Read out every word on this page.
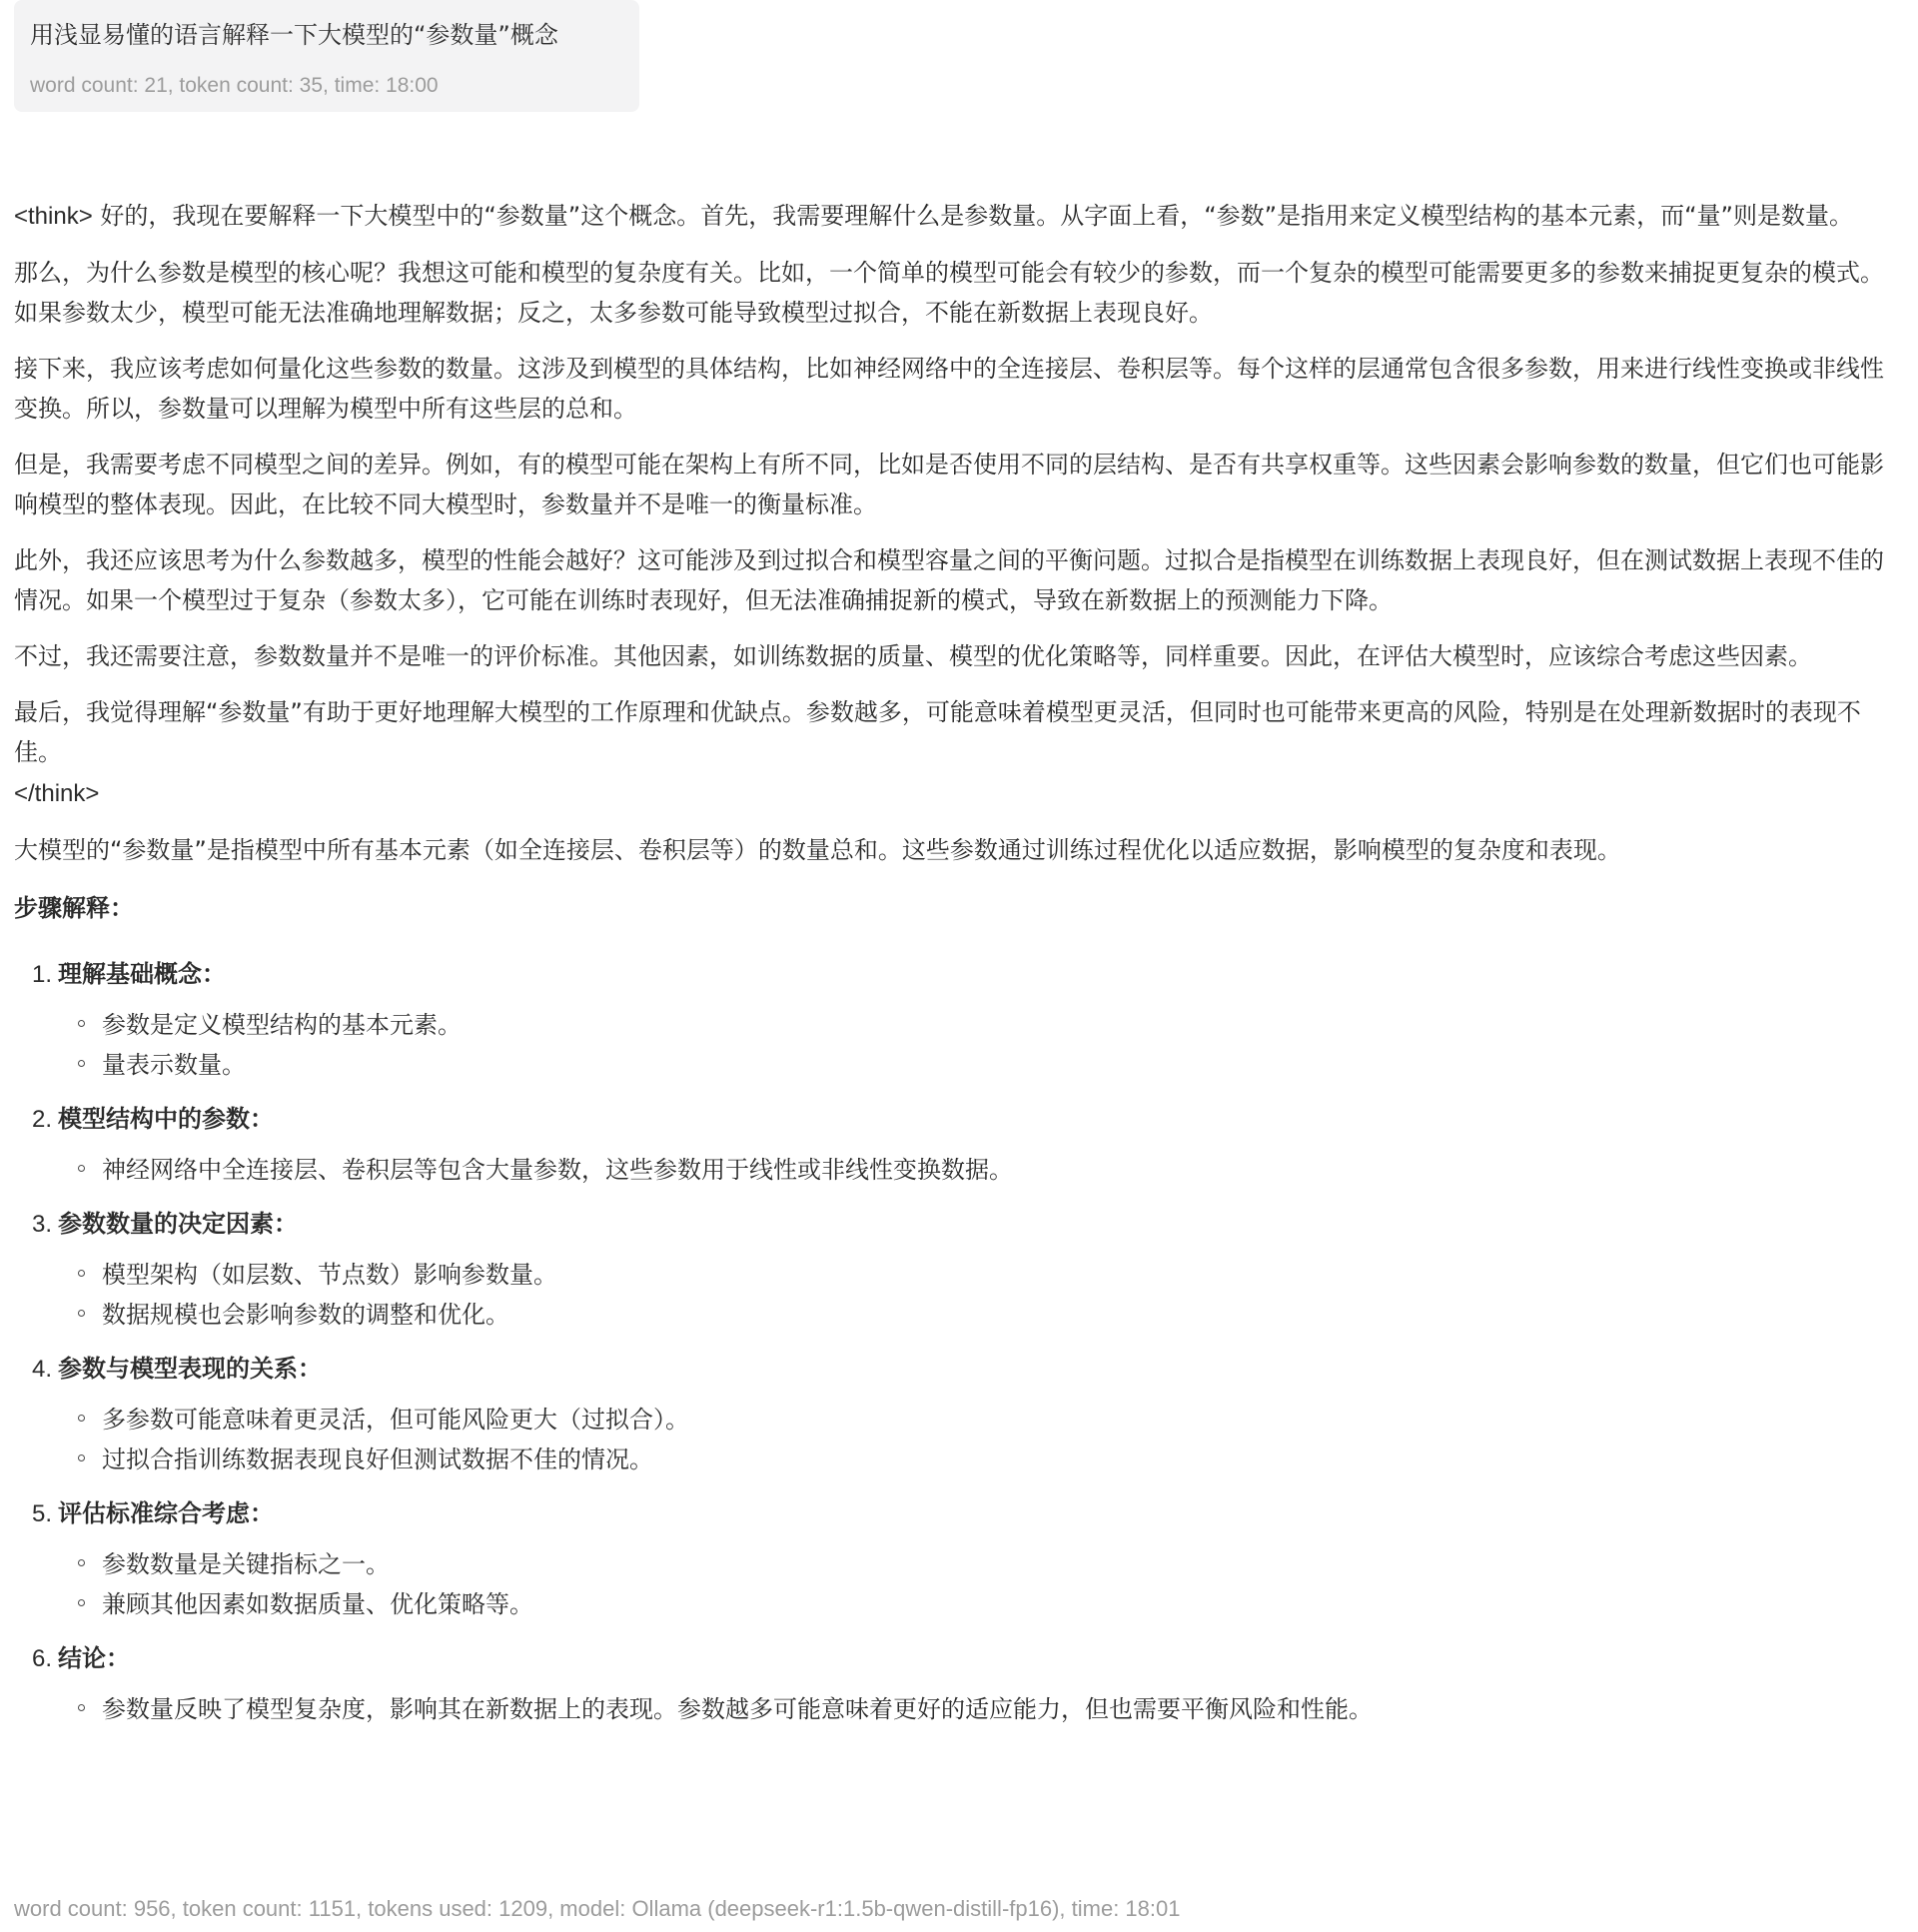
用浅显易懂的语言解释一下大模型的“参数量”概念

word count: 21, token count: 35, time: 18:00

<think> 好的，我现在要解释一下大模型中的“参数量”这个概念。首先，我需要理解什么是参数量。从字面上看，“参数”是指用来定义模型结构的基本元素，而“量”则是数量。

那么，为什么参数是模型的核心呢？我想这可能和模型的复杂度有关。比如，一个简单的模型可能会有较少的参数，而一个复杂的模型可能需要更多的参数来捕捉更复杂的模式。如果参数太少，模型可能无法准确地理解数据；反之，太多参数可能导致模型过拟合，不能在新数据上表现良好。

接下来，我应该考虑如何量化这些参数的数量。这涉及到模型的具体结构，比如神经网络中的全连接层、卷积层等。每个这样的层通常包含很多参数，用来进行线性变换或非线性变换。所以，参数量可以理解为模型中所有这些层的总和。

但是，我需要考虑不同模型之间的差异。例如，有的模型可能在架构上有所不同，比如是否使用不同的层结构、是否有共享权重等。这些因素会影响参数的数量，但它们也可能影响模型的整体表现。因此，在比较不同大模型时，参数量并不是唯一的衡量标准。

此外，我还应该思考为什么参数越多，模型的性能会越好？这可能涉及到过拟合和模型容量之间的平衡问题。过拟合是指模型在训练数据上表现良好，但在测试数据上表现不佳的情况。如果一个模型过于复杂（参数太多），它可能在训练时表现好，但无法准确捕捉新的模式，导致在新数据上的预测能力下降。

不过，我还需要注意，参数数量并不是唯一的评价标准。其他因素，如训练数据的质量、模型的优化策略等，同样重要。因此，在评估大模型时，应该综合考虑这些因素。

最后，我觉得理解“参数量”有助于更好地理解大模型的工作原理和优缺点。参数越多，可能意味着模型更灵活，但同时也可能带来更高的风险，特别是在处理新数据时的表现不佳。

</think>

大模型的“参数量”是指模型中所有基本元素（如全连接层、卷积层等）的数量总和。这些参数通过训练过程优化以适应数据，影响模型的复杂度和表现。

步骤解释：
1. 理解基础概念：
参数是定义模型结构的基本元素。
量表示数量。
2. 模型结构中的参数：
神经网络中全连接层、卷积层等包含大量参数，这些参数用于线性或非线性变换数据。
3. 参数数量的决定因素：
模型架构（如层数、节点数）影响参数量。
数据规模也会影响参数的调整和优化。
4. 参数与模型表现的关系：
多参数可能意味着更灵活，但可能风险更大（过拟合）。
过拟合指训练数据表现良好但测试数据不佳的情况。
5. 评估标准综合考虑：
参数数量是关键指标之一。
兼顾其他因素如数据质量、优化策略等。
6. 结论：
参数量反映了模型复杂度，影响其在新数据上的表现。参数越多可能意味着更好的适应能力，但也需要平衡风险和性能。
word count: 956, token count: 1151, tokens used: 1209, model: Ollama (deepseek-r1:1.5b-qwen-distill-fp16), time: 18:01
